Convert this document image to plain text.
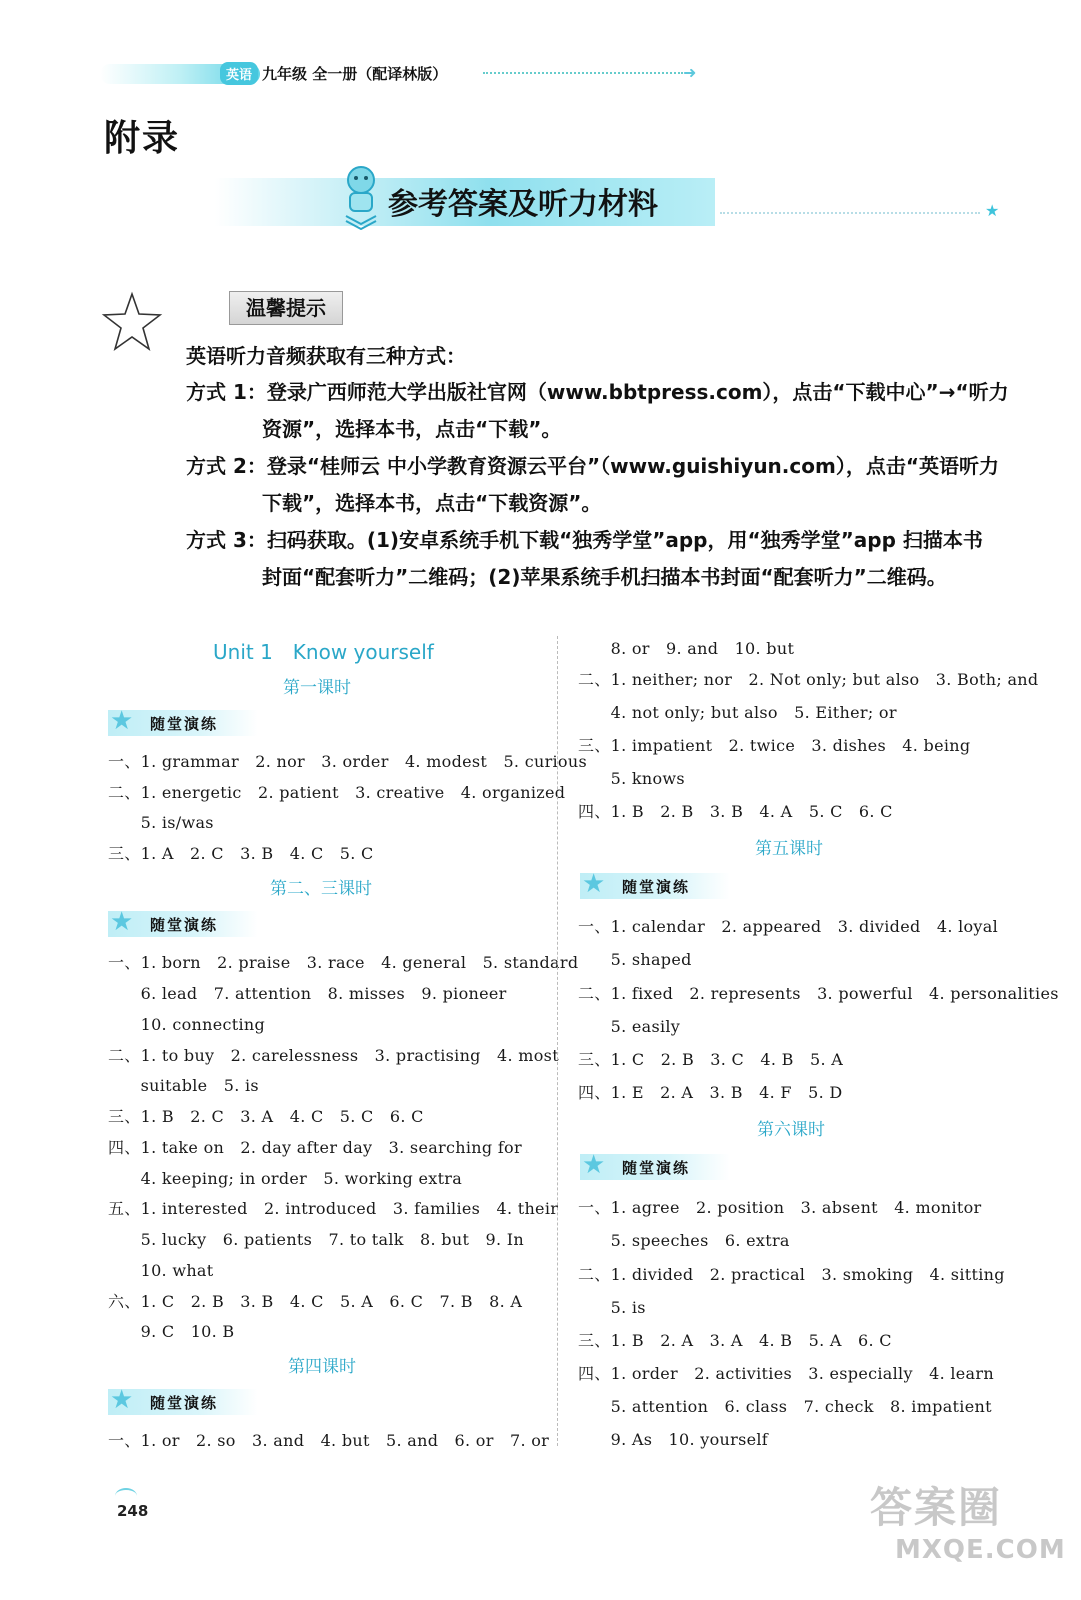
英语 九年级 全一册（配译林版）	➜
附录
参考答案及听力材料	★
温馨提示
英语听力音频获取有三种方式：
方式 1：登录广西师范大学出版社官网（www.bbtpress.com），点击“下载中心”→“听力
资源”，选择本书，点击“下载”。
方式 2：登录“桂师云 中小学教育资源云平台”（www.guishiyun.com），点击“英语听力
下载”，选择本书，点击“下载资源”。
方式 3：扫码获取。(1)安卓系统手机下载“独秀学堂”app，用“独秀学堂”app 扫描本书
封面“配套听力”二维码；(2)苹果系统手机扫描本书封面“配套听力”二维码。
Unit 1　Know yourself
第一课时
★ 随堂演练
一、1. grammar　2. nor　3. order　4. modest　5. curious
二、1. energetic　2. patient　3. creative　4. organized
　　5. is/was
三、1. A　2. C　3. B　4. C　5. C
第二、三课时
★ 随堂演练
一、1. born　2. praise　3. race　4. general　5. standard
　　6. lead　7. attention　8. misses　9. pioneer
　　10. connecting
二、1. to buy　2. carelessness　3. practising　4. most
　　suitable　5. is
三、1. B　2. C　3. A　4. C　5. C　6. C
四、1. take on　2. day after day　3. searching for
　　4. keeping; in order　5. working extra
五、1. interested　2. introduced　3. families　4. their
　　5. lucky　6. patients　7. to talk　8. but　9. In
　　10. what
六、1. C　2. B　3. B　4. C　5. A　6. C　7. B　8. A
　　9. C　10. B
第四课时
★ 随堂演练
一、1. or　2. so　3. and　4. but　5. and　6. or　7. or
　　8. or　9. and　10. but
二、1. neither; nor　2. Not only; but also　3. Both; and
　　4. not only; but also　5. Either; or
三、1. impatient　2. twice　3. dishes　4. being
　　5. knows
四、1. B　2. B　3. B　4. A　5. C　6. C
第五课时
★ 随堂演练
一、1. calendar　2. appeared　3. divided　4. loyal
　　5. shaped
二、1. fixed　2. represents　3. powerful　4. personalities
　　5. easily
三、1. C　2. B　3. C　4. B　5. A
四、1. E　2. A　3. B　4. F　5. D
第六课时
★ 随堂演练
一、1. agree　2. position　3. absent　4. monitor
　　5. speeches　6. extra
二、1. divided　2. practical　3. smoking　4. sitting
　　5. is
三、1. B　2. A　3. A　4. B　5. A　6. C
四、1. order　2. activities　3. especially　4. learn
　　5. attention　6. class　7. check　8. impatient
　　9. As　10. yourself
248	答案圈
MXQE.COM
